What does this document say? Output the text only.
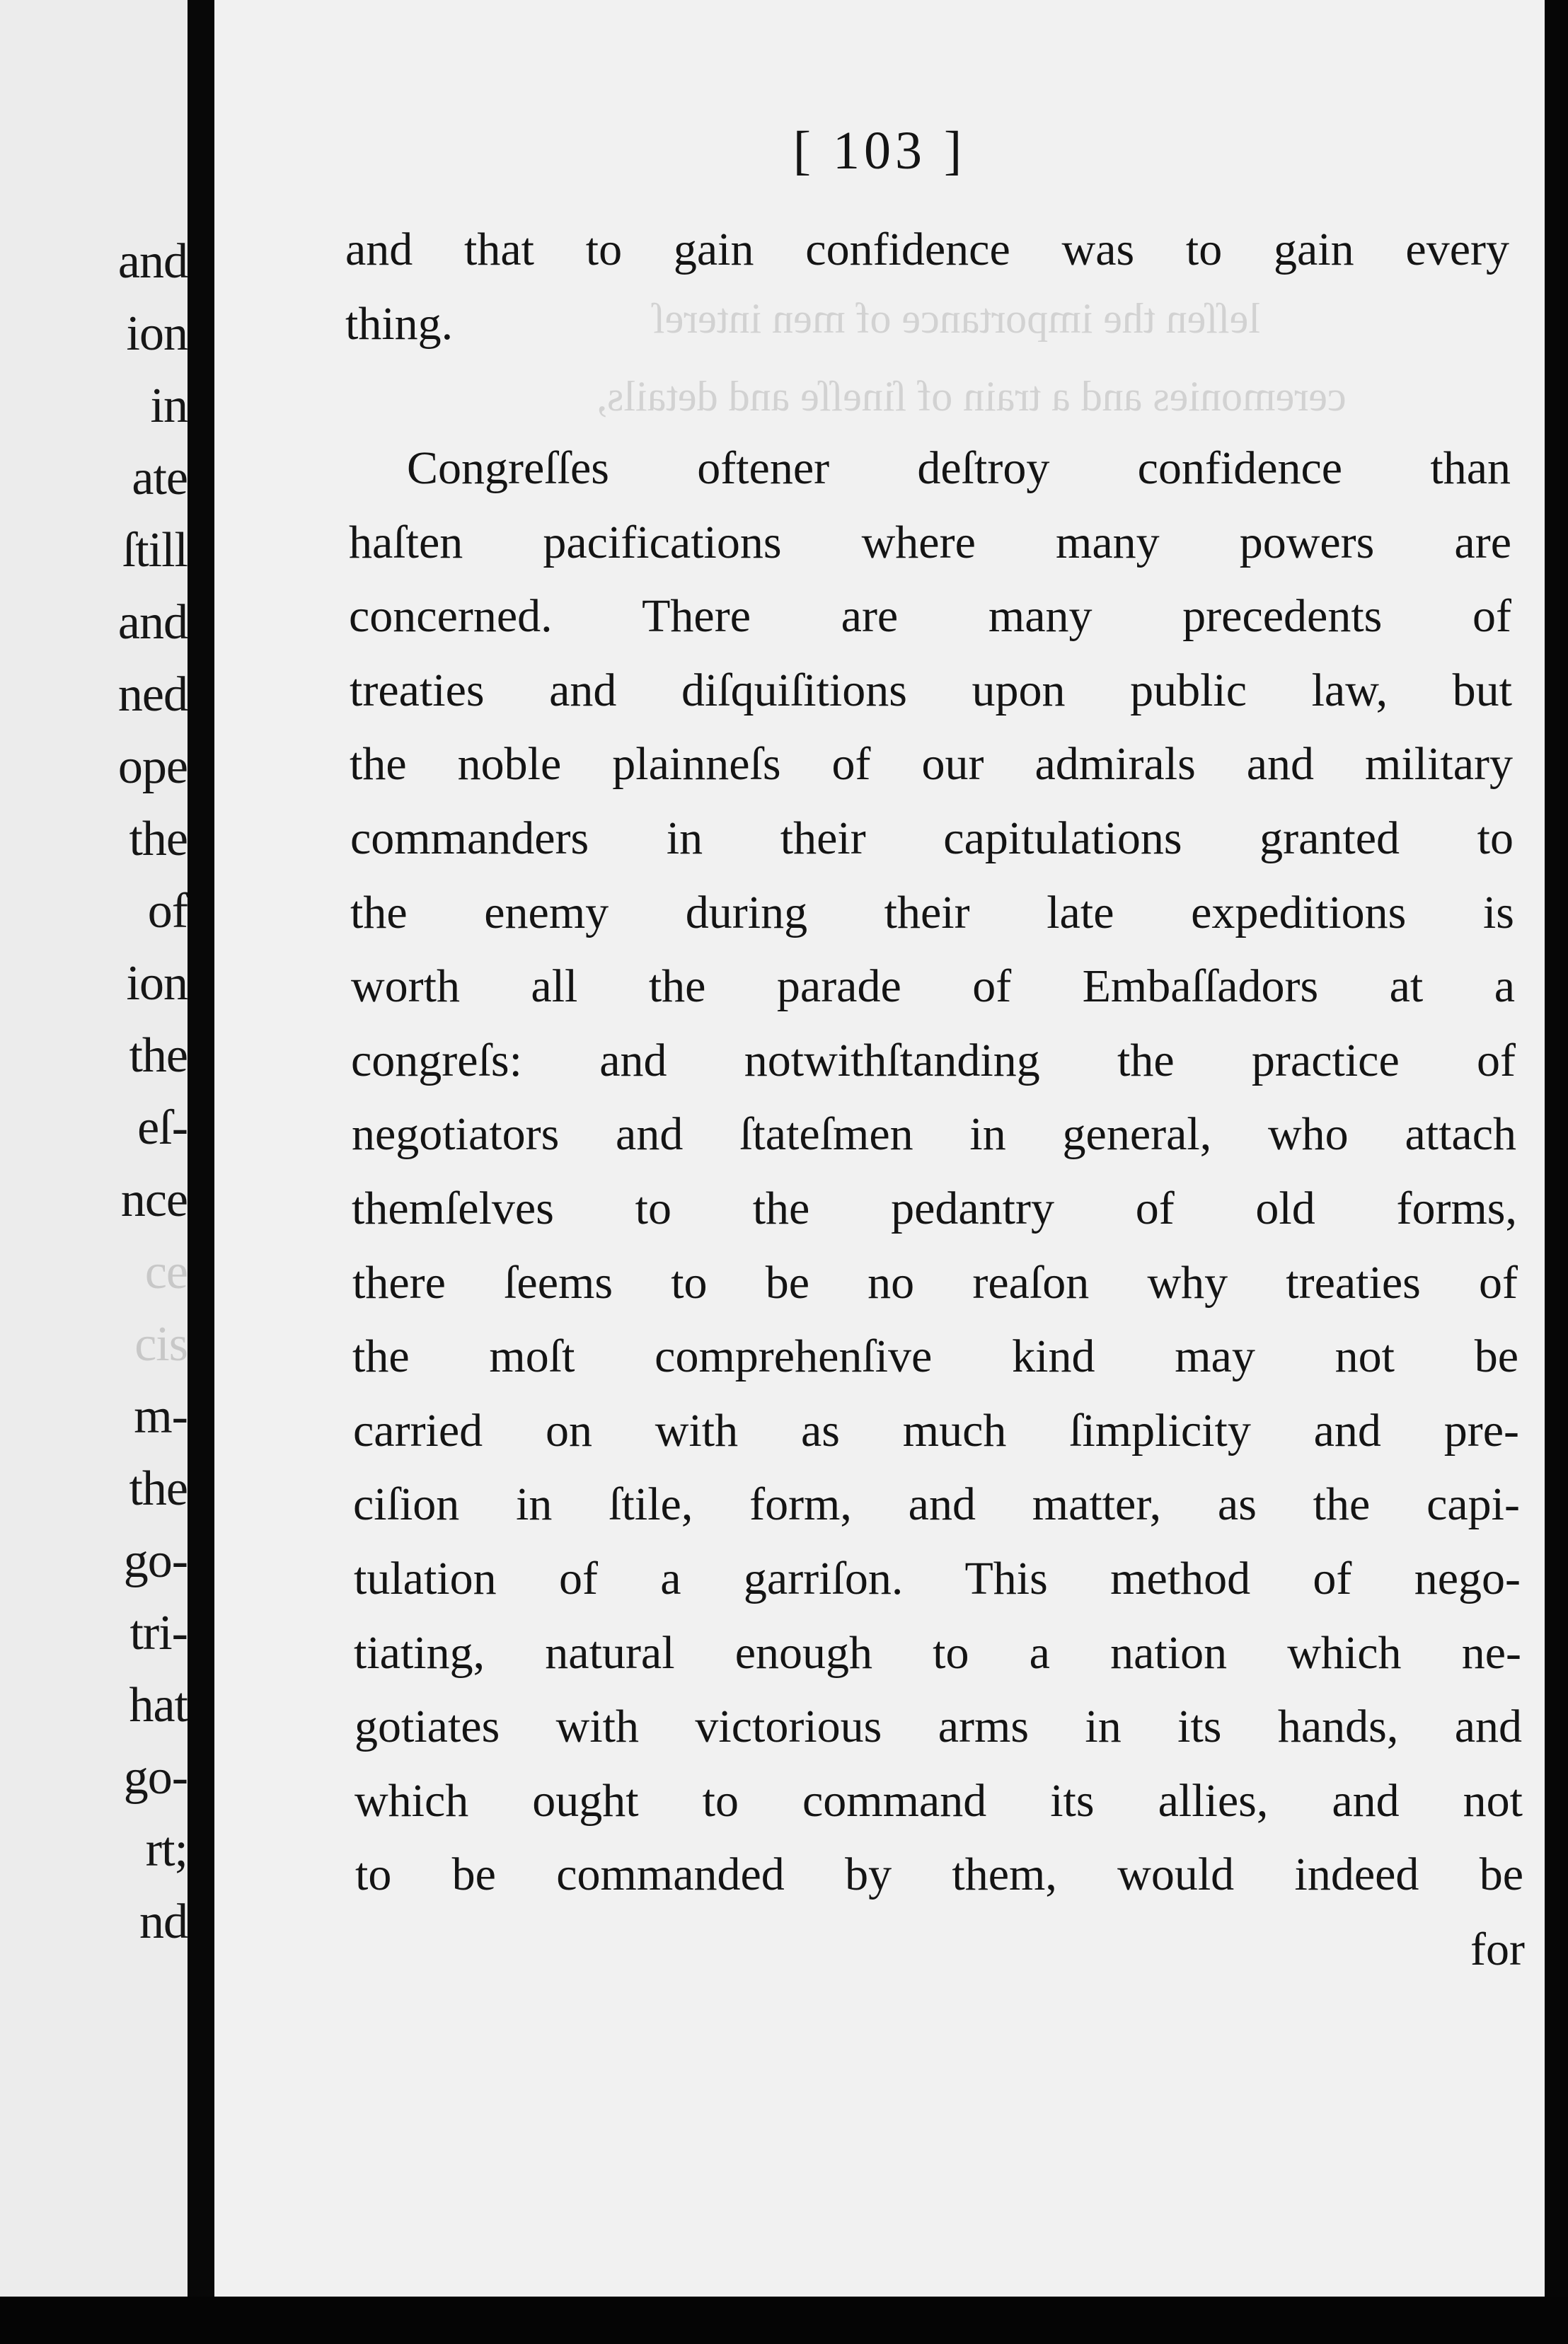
and
ion
in
ate
ſtill
and
ned
ope
the
of
ion
the
eſ-
nce
ce
cis
m-
the
go-
tri-
hat
go-
rt;
nd
leſſen the importance of men intereſ
ceremonies and a train of ſineſſe and details,
[ 103 ]
and that to gain confidence was to gain every
thing.
Congreſſes oftener deſtroy confidence than
haſten pacifications where many powers are
concerned. There are many precedents of
treaties and diſquiſitions upon public law, but
the noble plainneſs of our admirals and military
commanders in their capitulations granted to
the enemy during their late expeditions is
worth all the parade of Embaſſadors at a
congreſs: and notwithſtanding the practice of
negotiators and ſtateſmen in general, who attach
themſelves to the pedantry of old forms,
there ſeems to be no reaſon why treaties of
the moſt comprehenſive kind may not be
carried on with as much ſimplicity and pre-
ciſion in ſtile, form, and matter, as the capi-
tulation of a garriſon. This method of nego-
tiating, natural enough to a nation which ne-
gotiates with victorious arms in its hands, and
which ought to command its allies, and not
to be commanded by them, would indeed be
for
